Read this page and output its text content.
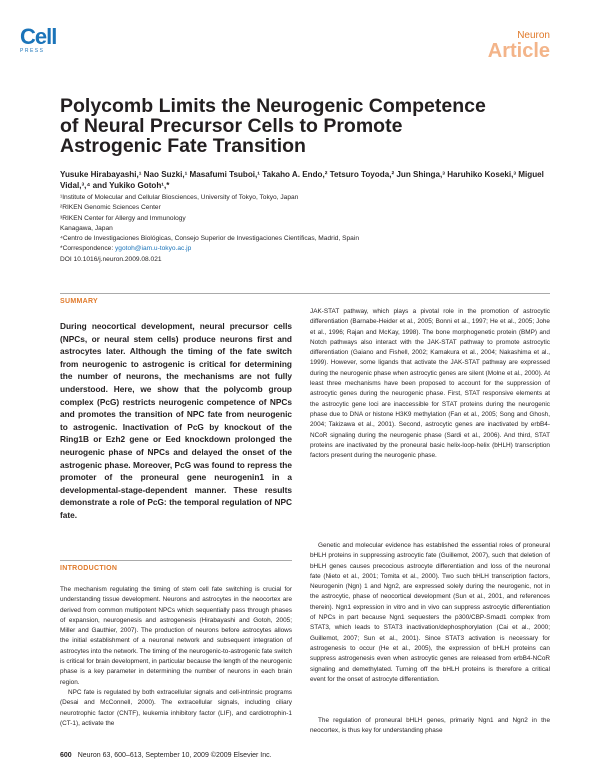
Cell
PRESS
Neuron
Article
Polycomb Limits the Neurogenic Competence of Neural Precursor Cells to Promote Astrogenic Fate Transition
Yusuke Hirabayashi,¹ Nao Suzki,¹ Masafumi Tsuboi,¹ Takaho A. Endo,² Tetsuro Toyoda,² Jun Shinga,³ Haruhiko Koseki,³ Miguel Vidal,³,⁴ and Yukiko Gotoh¹,*
¹Institute of Molecular and Cellular Biosciences, University of Tokyo, Tokyo, Japan
²RIKEN Genomic Sciences Center
³RIKEN Center for Allergy and Immunology
Kanagawa, Japan
⁴Centro de Investigaciones Biológicas, Consejo Superior de Investigaciones Científicas, Madrid, Spain
*Correspondence: ygotoh@iam.u-tokyo.ac.jp
DOI 10.1016/j.neuron.2009.08.021
SUMMARY
During neocortical development, neural precursor cells (NPCs, or neural stem cells) produce neurons first and astrocytes later. Although the timing of the fate switch from neurogenic to astrogenic is critical for determining the number of neurons, the mechanisms are not fully understood. Here, we show that the polycomb group complex (PcG) restricts neurogenic competence of NPCs and promotes the transition of NPC fate from neurogenic to astrogenic. Inactivation of PcG by knockout of the Ring1B or Ezh2 gene or Eed knockdown prolonged the neurogenic phase of NPCs and delayed the onset of the astrogenic phase. Moreover, PcG was found to repress the promoter of the proneural gene neurogenin1 in a developmental-stage-dependent manner. These results demonstrate a role of PcG: the temporal regulation of NPC fate.
INTRODUCTION
The mechanism regulating the timing of stem cell fate switching is crucial for understanding tissue development. Neurons and astrocytes in the neocortex are derived from common multipotent NPCs which sequentially pass through phases of expansion, neurogenesis and astrogenesis (Hirabayashi and Gotoh, 2005; Miller and Gauthier, 2007). The production of neurons before astrocytes allows the initial establishment of a neuronal network and subsequent integration of astrocytes into the network. The timing of the neurogenic-to-astrogenic fate switch is critical for brain development, in particular because the length of the neurogenic phase is a key parameter in determining the number of neurons in each brain region.
NPC fate is regulated by both extracellular signals and cell-intrinsic programs (Desai and McConnell, 2000). The extracellular signals, including ciliary neurotrophic factor (CNTF), leukemia inhibitory factor (LIF), and cardiotrophin-1 (CT-1), activate the
JAK-STAT pathway, which plays a pivotal role in the promotion of astrocytic differentiation (Barnabe-Heider et al., 2005; Bonni et al., 1997; He et al., 2005; Johe et al., 1996; Rajan and McKay, 1998). The bone morphogenetic protein (BMP) and Notch pathways also interact with the JAK-STAT pathway to promote astrocytic differentiation (Gaiano and Fishell, 2002; Kamakura et al., 2004; Nakashima et al., 1999). However, some ligands that activate the JAK-STAT pathway are expressed during the neurogenic phase when astrocytic genes are silent (Molne et al., 2000). At least three mechanisms have been proposed to account for the suppression of astrocytic genes during the neurogenic phase. First, STAT responsive elements at the astrocytic gene loci are inaccessible for STAT proteins during the neurogenic phase due to DNA or histone H3K9 methylation (Fan et al., 2005; Song and Ghosh, 2004; Takizawa et al., 2001). Second, astrocytic genes are inactivated by erbB4-NCoR signaling during the neurogenic phase (Sardi et al., 2006). And third, STAT proteins are inactivated by the proneural basic helix-loop-helix (bHLH) transcription factors present during the neurogenic phase.
Genetic and molecular evidence has established the essential roles of proneural bHLH proteins in suppressing astrocytic fate (Guillemot, 2007), such that deletion of bHLH genes causes precocious astrocyte differentiation and loss of the neuronal fate (Nieto et al., 2001; Tomita et al., 2000). Two such bHLH transcription factors, Neurogenin (Ngn) 1 and Ngn2, are expressed solely during the neurogenic, not in the astrocytic, phase of neocortical development (Sun et al., 2001, and references therein). Ngn1 expression in vitro and in vivo can suppress astrocytic differentiation of NPCs in part because Ngn1 sequesters the p300/CBP-Smad1 complex from STAT3, which leads to STAT3 inactivation/dephosphorylation (Cai et al., 2000; Guillemot, 2007; Sun et al., 2001). Since STAT3 activation is necessary for astrogenesis to occur (He et al., 2005), the expression of bHLH proteins can suppress astrogenesis even when astrocytic genes are released from erbB4-NCoR signaling and demethylated. Turning off the bHLH proteins is therefore a critical event for the onset of astrocyte differentiation.
The regulation of proneural bHLH genes, primarily Ngn1 and Ngn2 in the neocortex, is thus key for understanding phase
600 Neuron 63, 600–613, September 10, 2009 ©2009 Elsevier Inc.
